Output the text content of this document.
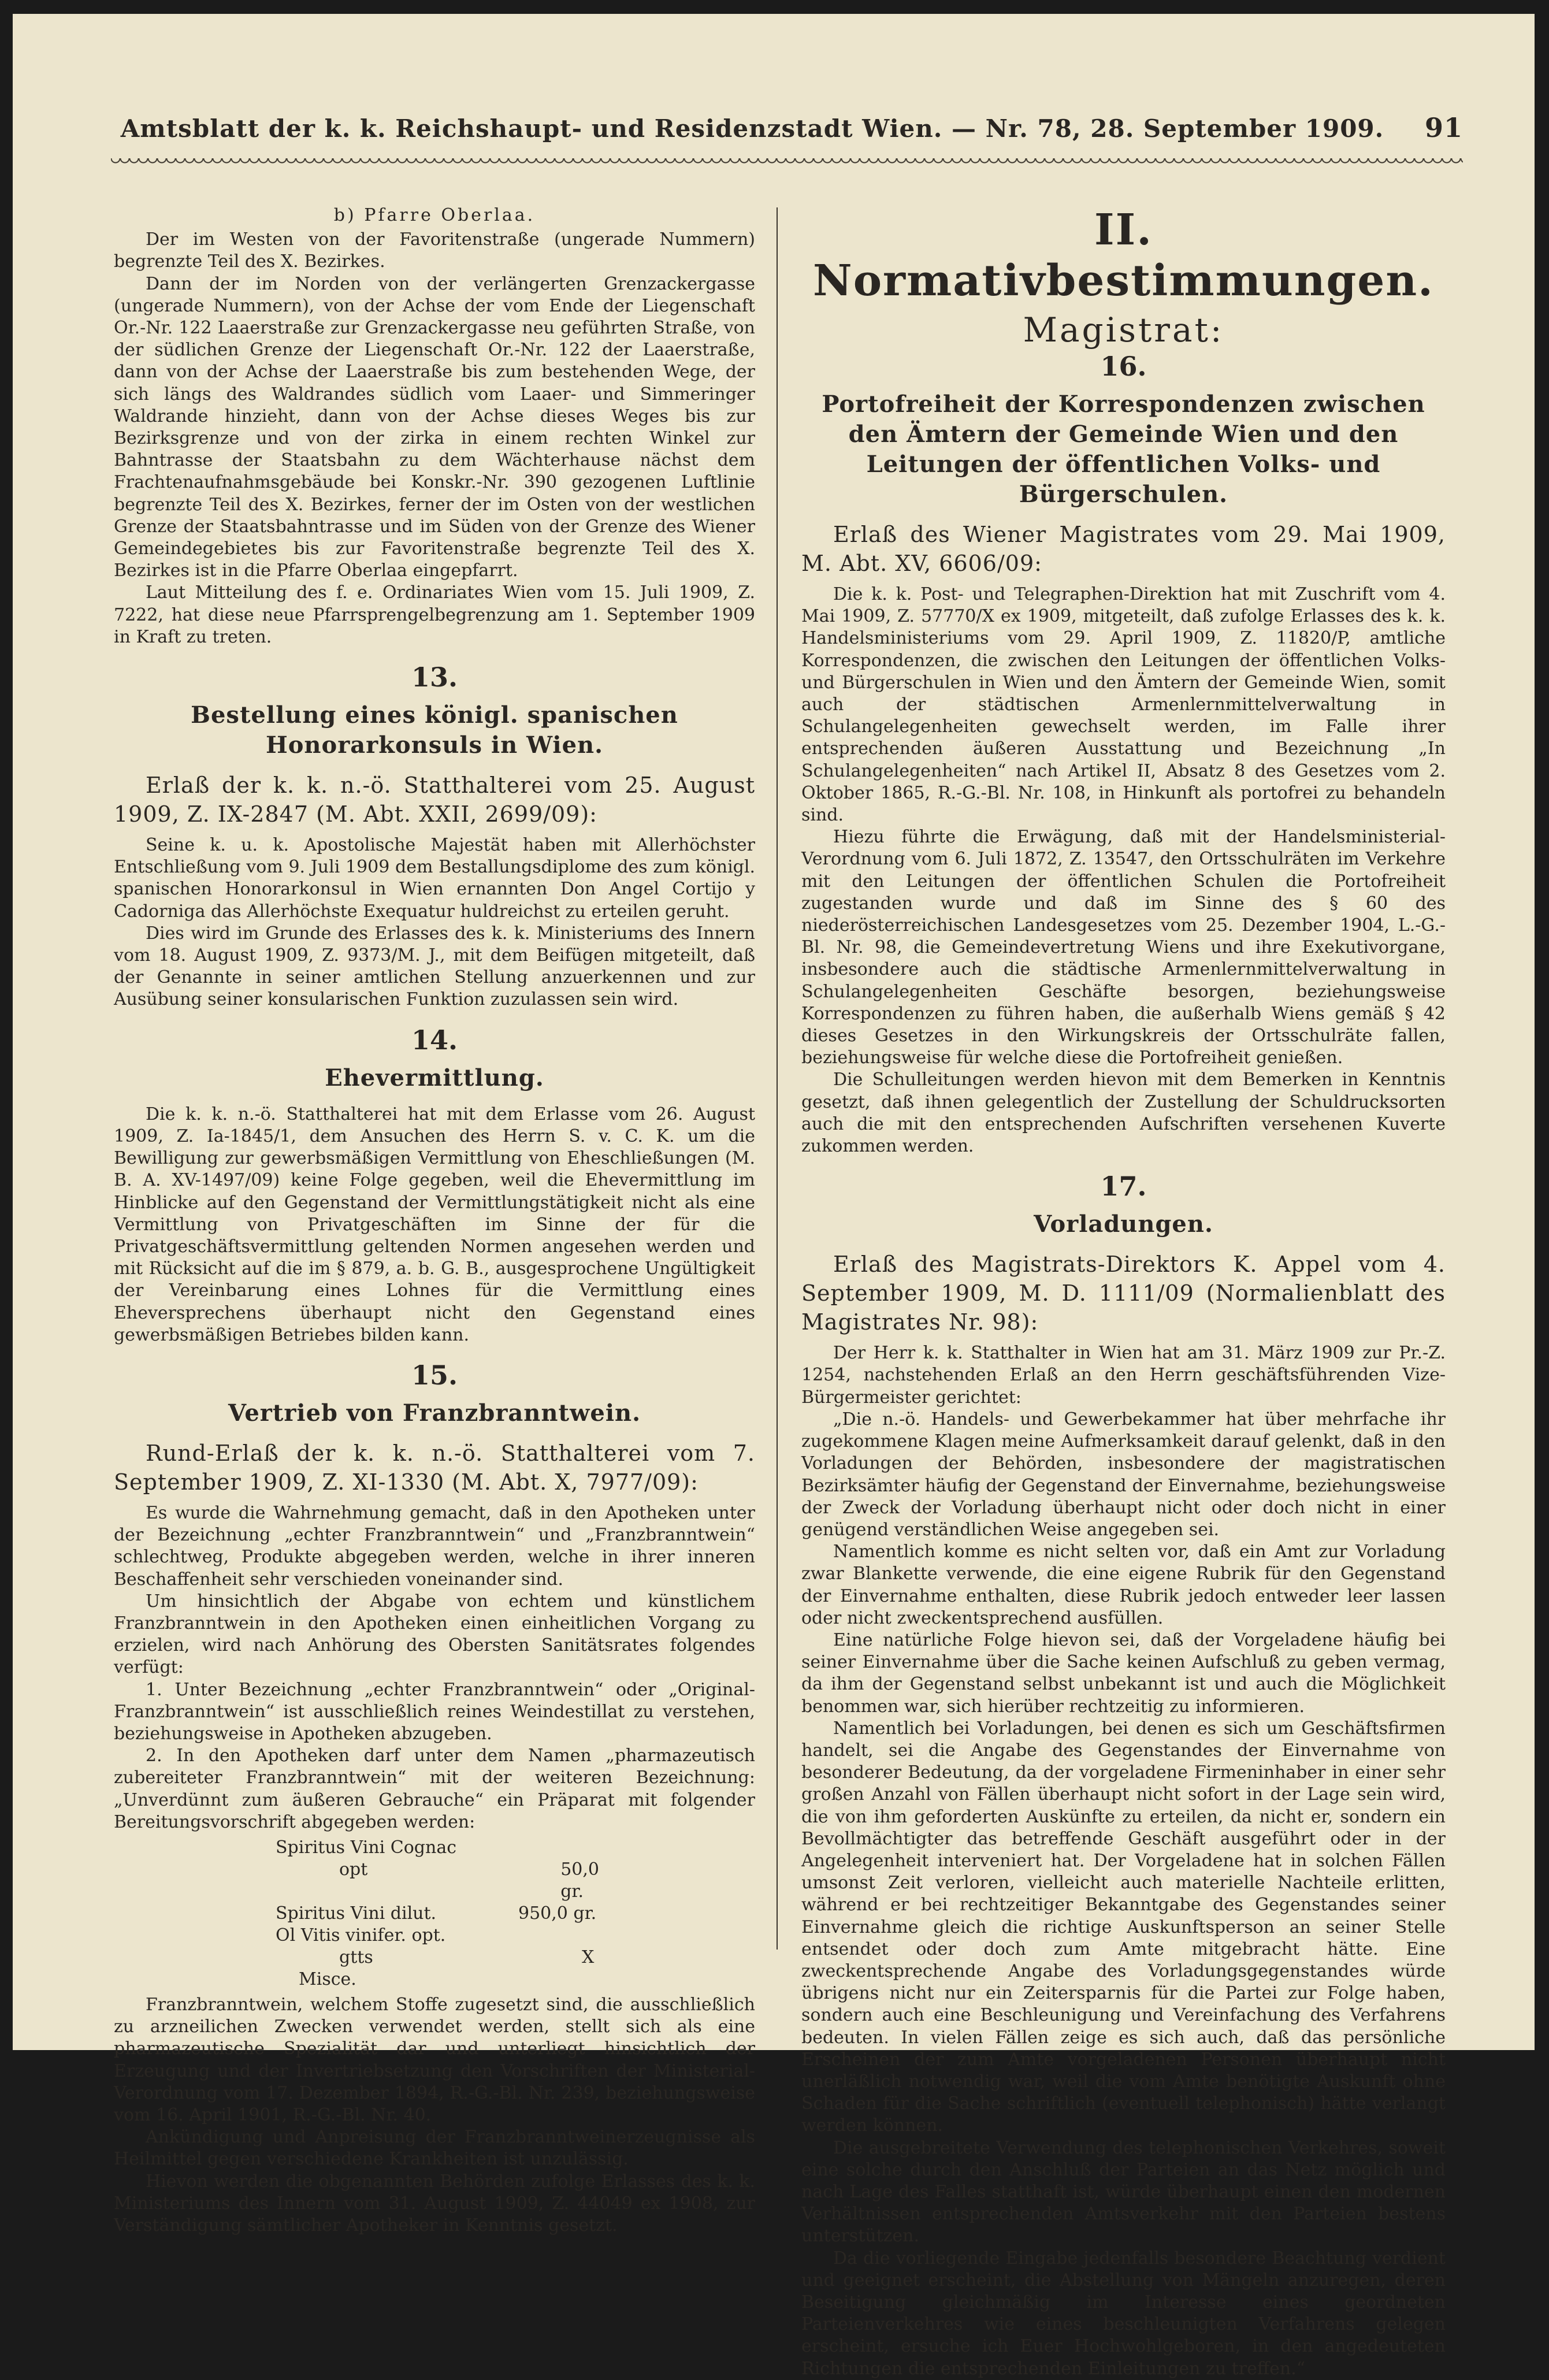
Amtsblatt der k. k. Reichshaupt- und Residenzstadt Wien. — Nr. 78, 28. September 1909.	91
b) Pfarre Oberlaa.

Der im Westen von der Favoritenstraße (ungerade Nummern) begrenzte Teil des X. Bezirkes.

Dann der im Norden von der verlängerten Grenzackergasse (ungerade Nummern), von der Achse der vom Ende der Liegenschaft Or.-Nr. 122 Laaerstraße zur Grenzackergasse neu geführten Straße, von der südlichen Grenze der Liegenschaft Or.-Nr. 122 der Laaerstraße, dann von der Achse der Laaerstraße bis zum bestehenden Wege, der sich längs des Waldrandes südlich vom Laaer- und Simmeringer Waldrande hinzieht, dann von der Achse dieses Weges bis zur Bezirksgrenze und von der zirka in einem rechten Winkel zur Bahntrasse der Staatsbahn zu dem Wächterhause nächst dem Frachtenaufnahmsgebäude bei Konskr.-Nr. 390 gezogenen Luftlinie begrenzte Teil des X. Bezirkes, ferner der im Osten von der westlichen Grenze der Staatsbahntrasse und im Süden von der Grenze des Wiener Gemeindegebietes bis zur Favoritenstraße begrenzte Teil des X. Bezirkes ist in die Pfarre Oberlaa eingepfarrt.

Laut Mitteilung des f. e. Ordinariates Wien vom 15. Juli 1909, Z. 7222, hat diese neue Pfarrsprengelbegrenzung am 1. September 1909 in Kraft zu treten.

13.
Bestellung eines königl. spanischen Honorarkonsuls in Wien.
Erlaß der k. k. n.-ö. Statthalterei vom 25. August 1909, Z. IX-2847 (M. Abt. XXII, 2699/09):

Seine k. u. k. Apostolische Majestät haben mit Allerhöchster Entschließung vom 9. Juli 1909 dem Bestallungsdiplome des zum königl. spanischen Honorarkonsul in Wien ernannten Don Angel Cortijo y Cadorniga das Allerhöchste Exequatur huldreichst zu erteilen geruht.

Dies wird im Grunde des Erlasses des k. k. Ministeriums des Innern vom 18. August 1909, Z. 9373/M. J., mit dem Beifügen mitgeteilt, daß der Genannte in seiner amtlichen Stellung anzuerkennen und zur Ausübung seiner konsularischen Funktion zuzulassen sein wird.

14.
Ehevermittlung.

Die k. k. n.-ö. Statthalterei hat mit dem Erlasse vom 26. August 1909, Z. Ia-1845/1, dem Ansuchen des Herrn S. v. C. K. um die Bewilligung zur gewerbsmäßigen Vermittlung von Eheschließungen (M. B. A. XV-1497/09) keine Folge gegeben, weil die Ehevermittlung im Hinblicke auf den Gegenstand der Vermittlungstätigkeit nicht als eine Vermittlung von Privatgeschäften im Sinne der für die Privatgeschäftsvermittlung geltenden Normen angesehen werden und mit Rücksicht auf die im § 879, a. b. G. B., ausgesprochene Ungültigkeit der Vereinbarung eines Lohnes für die Vermittlung eines Eheversprechens überhaupt nicht den Gegenstand eines gewerbsmäßigen Betriebes bilden kann.

15.
Vertrieb von Franzbranntwein.
Rund-Erlaß der k. k. n.-ö. Statthalterei vom 7. September 1909, Z. XI-1330 (M. Abt. X, 7977/09):

Es wurde die Wahrnehmung gemacht, daß in den Apotheken unter der Bezeichnung „echter Franzbranntwein“ und „Franzbranntwein“ schlechtweg, Produkte abgegeben werden, welche in ihrer inneren Beschaffenheit sehr verschieden voneinander sind.

Um hinsichtlich der Abgabe von echtem und künstlichem Franzbranntwein in den Apotheken einen einheitlichen Vorgang zu erzielen, wird nach Anhörung des Obersten Sanitätsrates folgendes verfügt:

1. Unter Bezeichnung „echter Franzbranntwein“ oder „Original-Franzbranntwein“ ist ausschließlich reines Weindestillat zu verstehen, beziehungsweise in Apotheken abzugeben.

2. In den Apotheken darf unter dem Namen „pharmazeutisch zubereiteter Franzbranntwein“ mit der weiteren Bezeichnung: „Unverdünnt zum äußeren Gebrauche“ ein Präparat mit folgender Bereitungsvorschrift abgegeben werden:

Spiritus Vini Cognac
opt	50,0 gr.
Spiritus Vini dilut.	950,0 gr.
Ol Vitis vinifer. opt.
gtts	X
Misce.

Franzbranntwein, welchem Stoffe zugesetzt sind, die ausschließlich zu arzneilichen Zwecken verwendet werden, stellt sich als eine pharmazeutische Spezialität dar und unterliegt hinsichtlich der Erzeugung und der Invertriebsetzung den Vorschriften der Ministerial-Verordnung vom 17. Dezember 1894, R.-G.-Bl. Nr. 239, beziehungsweise vom 16. April 1901, R.-G.-Bl. Nr. 40.

Ankündigung und Anpreisung der Franzbranntweinerzeugnisse als Heilmittel gegen verschiedene Krankheiten ist unzulässig.

Hievon werden die obgenannten Behörden zufolge Erlasses des k. k. Ministeriums des Innern vom 31. August 1909, Z. 44049 ex 1908, zur Verständigung sämtlicher Apotheker in Kenntnis gesetzt.

II. Normativbestimmungen.
Magistrat:
16.
Portofreiheit der Korrespondenzen zwischen den Ämtern der Gemeinde Wien und den Leitungen der öffentlichen Volks- und Bürgerschulen.
Erlaß des Wiener Magistrates vom 29. Mai 1909, M. Abt. XV, 6606/09:

Die k. k. Post- und Telegraphen-Direktion hat mit Zuschrift vom 4. Mai 1909, Z. 57770/X ex 1909, mitgeteilt, daß zufolge Erlasses des k. k. Handelsministeriums vom 29. April 1909, Z. 11820/P, amtliche Korrespondenzen, die zwischen den Leitungen der öffentlichen Volks- und Bürgerschulen in Wien und den Ämtern der Gemeinde Wien, somit auch der städtischen Armenlernmittelverwaltung in Schulangelegenheiten gewechselt werden, im Falle ihrer entsprechenden äußeren Ausstattung und Bezeichnung „In Schulangelegenheiten“ nach Artikel II, Absatz 8 des Gesetzes vom 2. Oktober 1865, R.-G.-Bl. Nr. 108, in Hinkunft als portofrei zu behandeln sind.

Hiezu führte die Erwägung, daß mit der Handelsministerial-Verordnung vom 6. Juli 1872, Z. 13547, den Ortsschulräten im Verkehre mit den Leitungen der öffentlichen Schulen die Portofreiheit zugestanden wurde und daß im Sinne des § 60 des niederösterreichischen Landesgesetzes vom 25. Dezember 1904, L.-G.-Bl. Nr. 98, die Gemeindevertretung Wiens und ihre Exekutivorgane, insbesondere auch die städtische Armenlernmittelverwaltung in Schulangelegenheiten Geschäfte besorgen, beziehungsweise Korrespondenzen zu führen haben, die außerhalb Wiens gemäß § 42 dieses Gesetzes in den Wirkungskreis der Ortsschulräte fallen, beziehungsweise für welche diese die Portofreiheit genießen.

Die Schulleitungen werden hievon mit dem Bemerken in Kenntnis gesetzt, daß ihnen gelegentlich der Zustellung der Schuldrucksorten auch die mit den entsprechenden Aufschriften versehenen Kuverte zukommen werden.

17.
Vorladungen.
Erlaß des Magistrats-Direktors K. Appel vom 4. September 1909, M. D. 1111/09 (Normalienblatt des Magistrates Nr. 98):

Der Herr k. k. Statthalter in Wien hat am 31. März 1909 zur Pr.-Z. 1254, nachstehenden Erlaß an den Herrn geschäftsführenden Vize-Bürgermeister gerichtet:

„Die n.-ö. Handels- und Gewerbekammer hat über mehrfache ihr zugekommene Klagen meine Aufmerksamkeit darauf gelenkt, daß in den Vorladungen der Behörden, insbesondere der magistratischen Bezirksämter häufig der Gegenstand der Einvernahme, beziehungsweise der Zweck der Vorladung überhaupt nicht oder doch nicht in einer genügend verständlichen Weise angegeben sei.

Namentlich komme es nicht selten vor, daß ein Amt zur Vorladung zwar Blankette verwende, die eine eigene Rubrik für den Gegenstand der Einvernahme enthalten, diese Rubrik jedoch entweder leer lassen oder nicht zweckentsprechend ausfüllen.

Eine natürliche Folge hievon sei, daß der Vorgeladene häufig bei seiner Einvernahme über die Sache keinen Aufschluß zu geben vermag, da ihm der Gegenstand selbst unbekannt ist und auch die Möglichkeit benommen war, sich hierüber rechtzeitig zu informieren.

Namentlich bei Vorladungen, bei denen es sich um Geschäftsfirmen handelt, sei die Angabe des Gegenstandes der Einvernahme von besonderer Bedeutung, da der vorgeladene Firmeninhaber in einer sehr großen Anzahl von Fällen überhaupt nicht sofort in der Lage sein wird, die von ihm geforderten Auskünfte zu erteilen, da nicht er, sondern ein Bevollmächtigter das betreffende Geschäft ausgeführt oder in der Angelegenheit interveniert hat. Der Vorgeladene hat in solchen Fällen umsonst Zeit verloren, vielleicht auch materielle Nachteile erlitten, während er bei rechtzeitiger Bekanntgabe des Gegenstandes seiner Einvernahme gleich die richtige Auskunftsperson an seiner Stelle entsendet oder doch zum Amte mitgebracht hätte. Eine zweckentsprechende Angabe des Vorladungsgegenstandes würde übrigens nicht nur ein Zeitersparnis für die Partei zur Folge haben, sondern auch eine Beschleunigung und Vereinfachung des Verfahrens bedeuten. In vielen Fällen zeige es sich auch, daß das persönliche Erscheinen der zum Amte vorgeladenen Personen überhaupt nicht unerläßlich notwendig war, weil die vom Amte benötigte Auskunft ohne Schaden für die Sache schriftlich (eventuell telephonisch) hätte verlangt werden können.

Die ausgebreitete Verwendung des telephonischen Verkehres, soweit eine solche durch den Anschluß der Parteien an das Netz möglich und nach Lage des Falles statthaft ist, würde überhaupt einen den modernen Verhältnissen entsprechenden Amtsverkehr mit den Parteien bestens unterstützen.

Da die vorliegende Eingabe jedenfalls besondere Beachtung verdient und geeignet erscheint, die Abstellung von Mängeln anzuregen, deren Beseitigung gleichmäßig im Interesse eines geordneten Parteienverkehres wie eines beschleunigten Verfahrens gelegen erscheint, ersuche ich Euer Hochwohlgeboren, in den angedeuteten Richtungen die entsprechenden Einleitungen zu treffen.“
